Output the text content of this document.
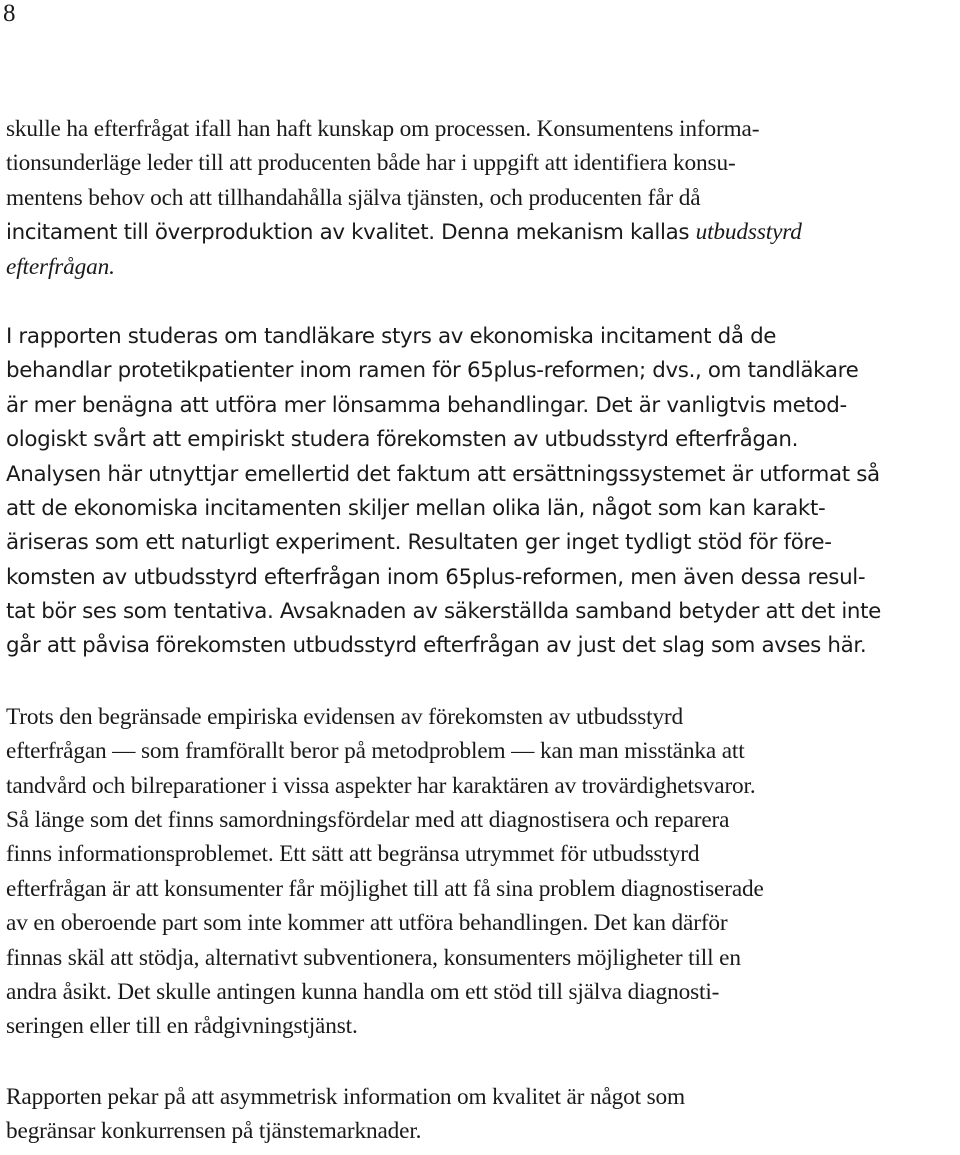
8

skulle ha efterfrågat ifall han haft kunskap om processen. Konsumentens informa-
tionsunderläge leder till att producenten både har i uppgift att identifiera konsu-
mentens behov och att tillhandahålla själva tjänsten, och producenten får då
incitament till överproduktion av kvalitet. Denna mekanism kallas utbudsstyrd
efterfrågan.

I rapporten studeras om tandläkare styrs av ekonomiska incitament då de
behandlar protetikpatienter inom ramen för 65plus-reformen; dvs., om tandläkare
är mer benägna att utföra mer lönsamma behandlingar. Det är vanligtvis metod-
ologiskt svårt att empiriskt studera förekomsten av utbudsstyrd efterfrågan.
Analysen här utnyttjar emellertid det faktum att ersättningssystemet är utformat så
att de ekonomiska incitamenten skiljer mellan olika län, något som kan karakt-
äriseras som ett naturligt experiment. Resultaten ger inget tydligt stöd för före-
komsten av utbudsstyrd efterfrågan inom 65plus-reformen, men även dessa resul-
tat bör ses som tentativa. Avsaknaden av säkerställda samband betyder att det inte
går att påvisa förekomsten utbudsstyrd efterfrågan av just det slag som avses här.

Trots den begränsade empiriska evidensen av förekomsten av utbudsstyrd
efterfrågan — som framförallt beror på metodproblem — kan man misstänka att
tandvård och bilreparationer i vissa aspekter har karaktären av trovärdighetsvaror.
Så länge som det finns samordningsfördelar med att diagnostisera och reparera
finns informationsproblemet. Ett sätt att begränsa utrymmet för utbudsstyrd
efterfrågan är att konsumenter får möjlighet till att få sina problem diagnostiserade
av en oberoende part som inte kommer att utföra behandlingen. Det kan därför
finnas skäl att stödja, alternativt subventionera, konsumenters möjligheter till en
andra åsikt. Det skulle antingen kunna handla om ett stöd till själva diagnosti-
seringen eller till en rådgivningstjänst.

Rapporten pekar på att asymmetrisk information om kvalitet är något som
begränsar konkurrensen på tjänstemarknader.
